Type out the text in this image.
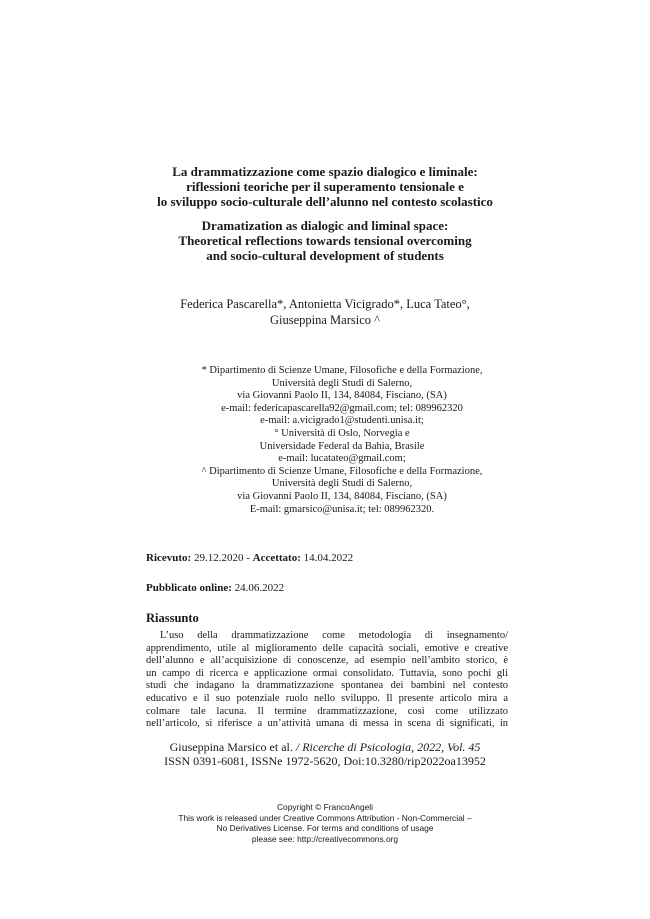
La drammatizzazione come spazio dialogico e liminale:
riflessioni teoriche per il superamento tensionale e
lo sviluppo socio-culturale dell’alunno nel contesto scolastico
Dramatization as dialogic and liminal space:
Theoretical reflections towards tensional overcoming
and socio-cultural development of students
Federica Pascarella*, Antonietta Vicigrado*, Luca Tateo°,
Giuseppina Marsico ^
* Dipartimento di Scienze Umane, Filosofiche e della Formazione,
Università degli Studi di Salerno,
via Giovanni Paolo II, 134, 84084, Fisciano, (SA)
e-mail: federicapascarella92@gmail.com; tel: 089962320
e-mail: a.vicigrado1@studenti.unisa.it;
° Università di Oslo, Norvegia e
Universidade Federal da Bahia, Brasile
e-mail: lucatateo@gmail.com;
^ Dipartimento di Scienze Umane, Filosofiche e della Formazione,
Università degli Studi di Salerno,
via Giovanni Paolo II, 134, 84084, Fisciano, (SA)
E-mail: gmarsico@unisa.it; tel: 089962320.
Ricevuto: 29.12.2020 - Accettato: 14.04.2022
Pubblicato online: 24.06.2022
Riassunto
L’uso della drammatizzazione come metodologia di insegnamento/
apprendimento, utile al miglioramento delle capacità sociali, emotive e creative
dell’alunno e all’acquisizione di conoscenze, ad esempio nell’ambito storico, è
un campo di ricerca e applicazione ormai consolidato. Tuttavia, sono pochi gli
studi che indagano la drammatizzazione spontanea dei bambini nel contesto
educativo e il suo potenziale ruolo nello sviluppo. Il presente articolo mira a
colmare tale lacuna. Il termine drammatizzazione, così come utilizzato
nell’articolo, si riferisce a un’attività umana di messa in scena di significati, in
Giuseppina Marsico et al. / Ricerche di Psicologia, 2022, Vol. 45
ISSN 0391-6081, ISSNe 1972-5620, Doi:10.3280/rip2022oa13952
Copyright © FrancoAngeli
This work is released under Creative Commons Attribution - Non-Commercial –
No Derivatives License. For terms and conditions of usage
please see: http://creativecommons.org
